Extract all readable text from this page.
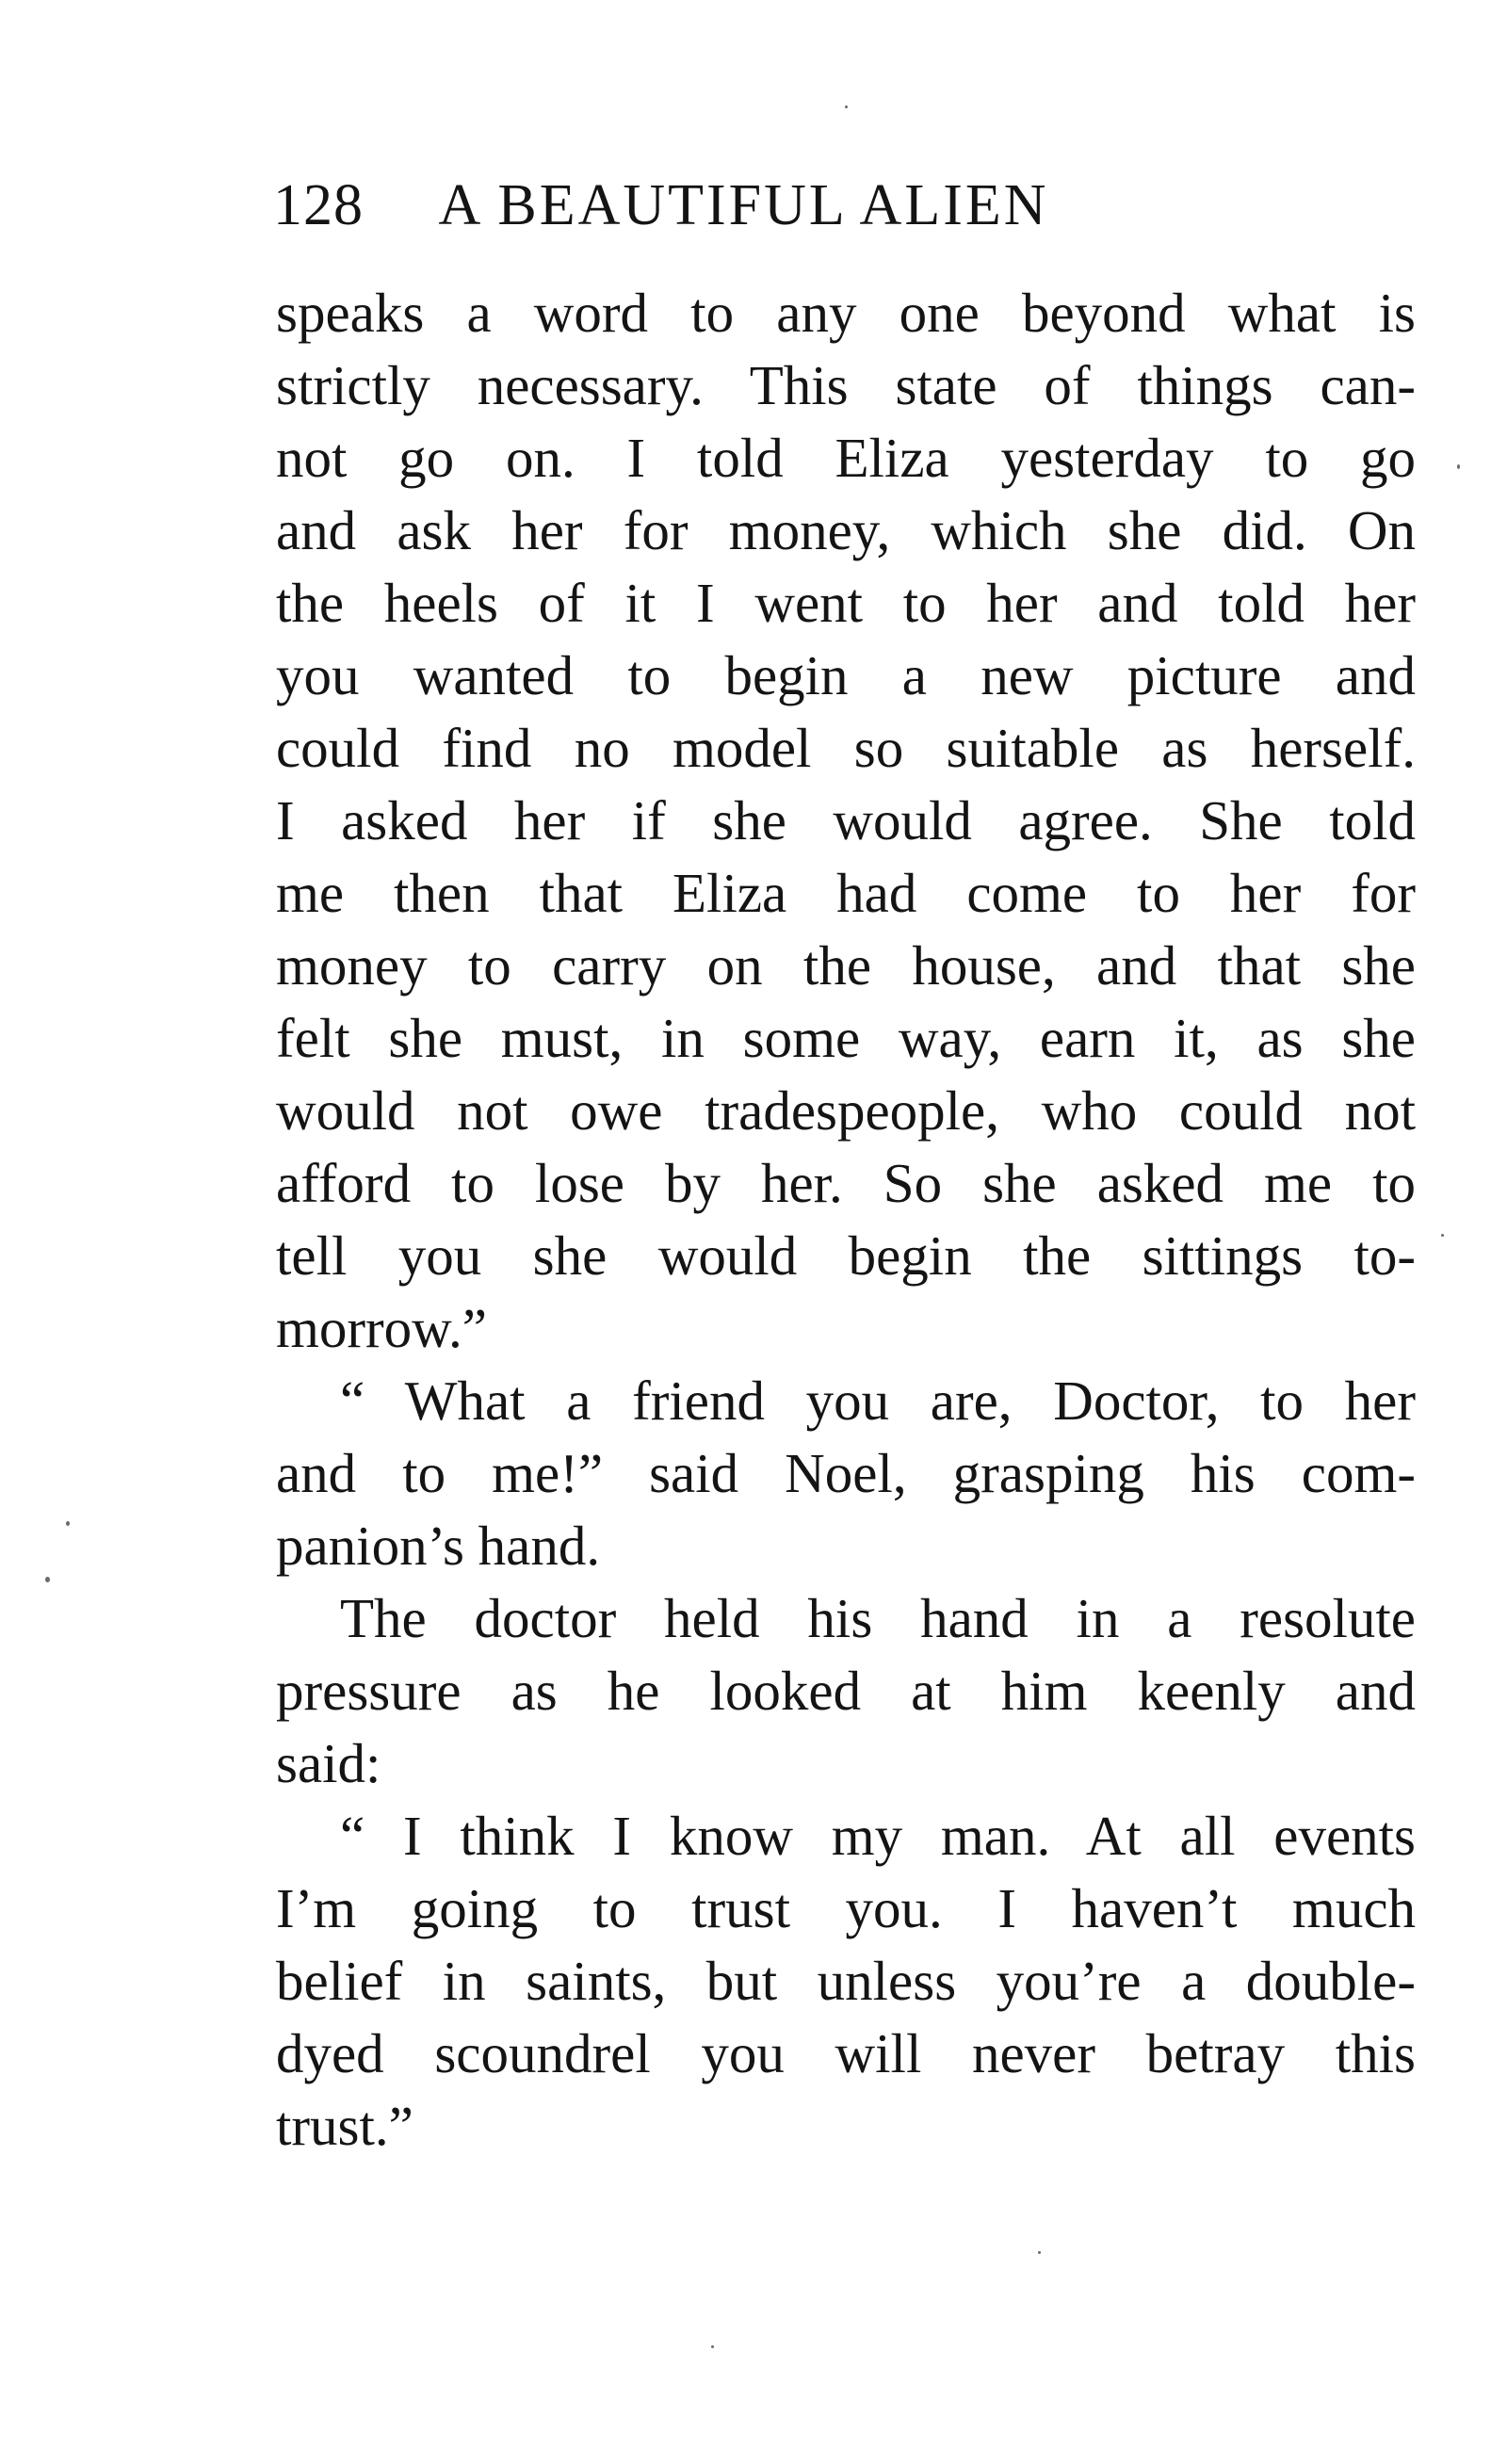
128 A BEAUTIFUL ALIEN
speaks a word to any one beyond what is
strictly necessary. This state of things can-
not go on. I told Eliza yesterday to go
and ask her for money, which she did. On
the heels of it I went to her and told her
you wanted to begin a new picture and
could find no model so suitable as herself.
I asked her if she would agree. She told
me then that Eliza had come to her for
money to carry on the house, and that she
felt she must, in some way, earn it, as she
would not owe tradespeople, who could not
afford to lose by her. So she asked me to
tell you she would begin the sittings to-
morrow.”
“ What a friend you are, Doctor, to her
and to me!” said Noel, grasping his com-
panion’s hand.
The doctor held his hand in a resolute
pressure as he looked at him keenly and
said:
“ I think I know my man. At all events
I’m going to trust you. I haven’t much
belief in saints, but unless you’re a double-
dyed scoundrel you will never betray this
trust.”
